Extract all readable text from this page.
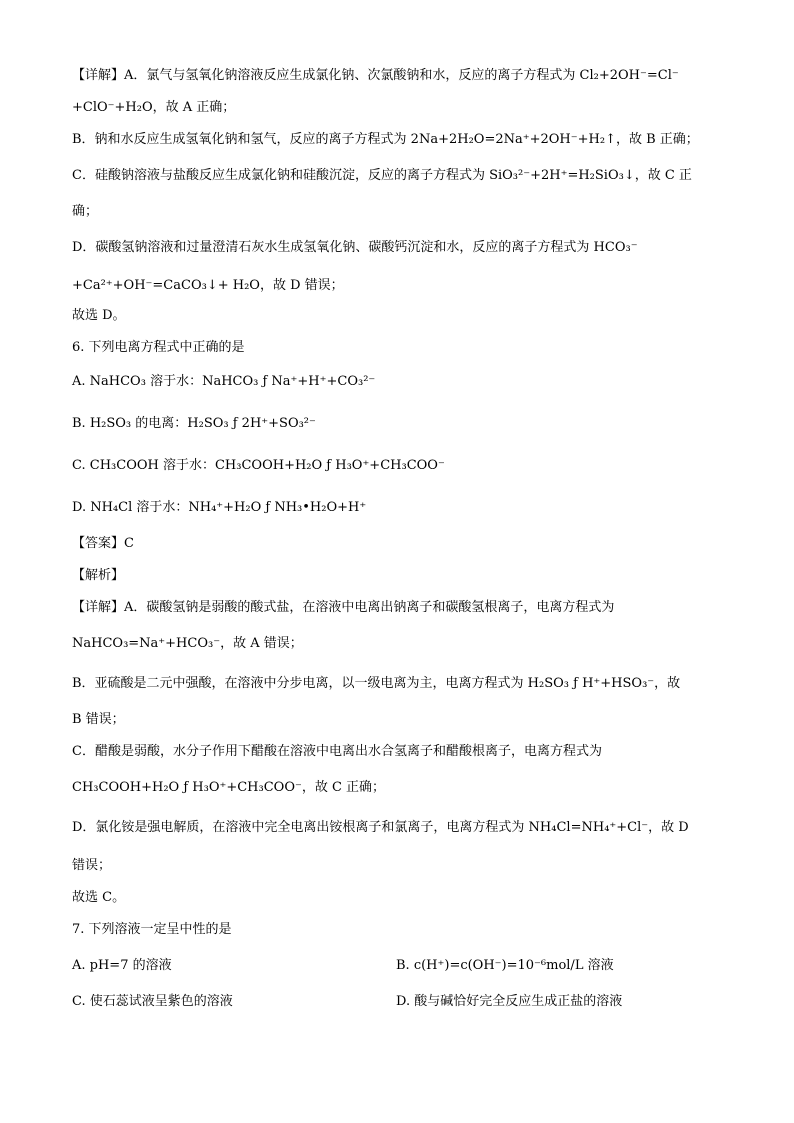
【详解】A．氯气与氢氧化钠溶液反应生成氯化钠、次氯酸钠和水，反应的离子方程式为 Cl₂+2OH⁻=Cl⁻
+ClO⁻+H₂O，故 A 正确；
B．钠和水反应生成氢氧化钠和氢气，反应的离子方程式为 2Na+2H₂O=2Na⁺+2OH⁻+H₂↑，故 B 正确；
C．硅酸钠溶液与盐酸反应生成氯化钠和硅酸沉淀，反应的离子方程式为 SiO₃²⁻+2H⁺=H₂SiO₃↓，故 C 正
确；
D．碳酸氢钠溶液和过量澄清石灰水生成氢氧化钠、碳酸钙沉淀和水，反应的离子方程式为 HCO₃⁻
+Ca²⁺+OH⁻=CaCO₃↓+ H₂O，故 D 错误；
故选 D。
6. 下列电离方程式中正确的是
A. NaHCO₃ 溶于水：NaHCO₃ ƒ Na⁺+H⁺+CO₃²⁻
B. H₂SO₃ 的电离：H₂SO₃ ƒ 2H⁺+SO₃²⁻
C. CH₃COOH 溶于水：CH₃COOH+H₂O ƒ H₃O⁺+CH₃COO⁻
D. NH₄Cl 溶于水：NH₄⁺+H₂O ƒ NH₃•H₂O+H⁺
【答案】C
【解析】
【详解】A．碳酸氢钠是弱酸的酸式盐，在溶液中电离出钠离子和碳酸氢根离子，电离方程式为
NaHCO₃=Na⁺+HCO₃⁻，故 A 错误；
B．亚硫酸是二元中强酸，在溶液中分步电离，以一级电离为主，电离方程式为 H₂SO₃ ƒ H⁺+HSO₃⁻，故
B 错误；
C．醋酸是弱酸，水分子作用下醋酸在溶液中电离出水合氢离子和醋酸根离子，电离方程式为
CH₃COOH+H₂O ƒ H₃O⁺+CH₃COO⁻，故 C 正确；
D．氯化铵是强电解质，在溶液中完全电离出铵根离子和氯离子，电离方程式为 NH₄Cl=NH₄⁺+Cl⁻，故 D
错误；
故选 C。
7. 下列溶液一定呈中性的是
A. pH=7 的溶液	B. c(H⁺)=c(OH⁻)=10⁻⁶mol/L 溶液
C. 使石蕊试液呈紫色的溶液	D. 酸与碱恰好完全反应生成正盐的溶液
